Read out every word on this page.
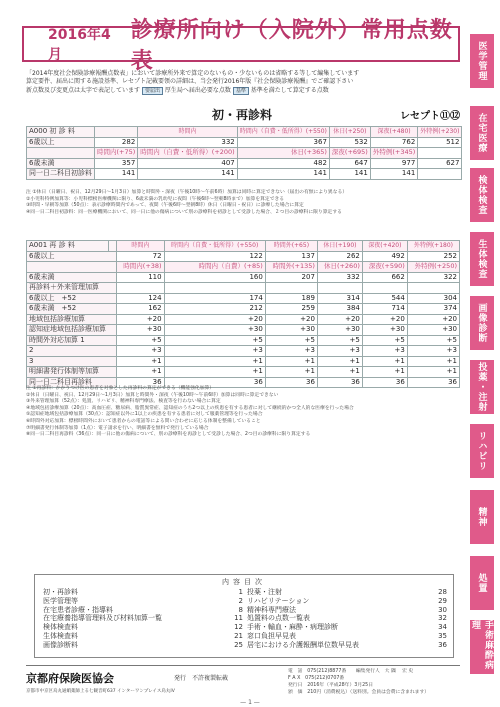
2016年4月
診療所向け（入院外）常用点数表

「2014年度社会保険診療報酬点数表」において診療所外来で算定のないもの・少ないものは省略する等して編集しています

算定要件、届出に関する施設基準、レセプト記載要領の詳細は、当会発行2016年版『社会保険診療報酬』でご確認下さい

新点数及び変更点は太字で表記しています 要届出 厚生局へ届出必要な点数 基準 基準を満たして算定する点数

初・再診料	レセプト⑪⑫
A000 初 診 料		時間内	時間内（自費・低所得）(+550)	休日(+250)	深夜(+480)	外特例(+230)
6歳以上	282	332	367	532	762	512
	時間内(+75)	時間内（自費・低所得）(+200)	休日(+365)	深夜(+695)	外特例(+345)	
6歳未満	357	407	482	647	977	627
同一日二科目初診料	141	141	141	141	141	

注 ①休日（日曜日、祝日、12月29日～1月3日）加算と時間外・深夜（午後10時～午前6時）加算は同時に算定できない（届出の有無により異なる）

②小児科特例加算等：小児科標榜医療機関に限り、6歳未満の乳幼児に夜間（午後6時～翌朝8時まで）加算を算定できる

③時間・早朝等加算（50点）：表示診療時間内であって、夜間（午後6時～翌朝8時）休日（日曜日・祝日）に診療した場合に算定

④同一日二科目初診料：同一医療機関において、同一日に他の傷病について別の診療科を初診として受診した場合、２つ目の診療科に限り算定する

A001 再 診 料		時間内	時間内（自費・低所得）(+550)	時間外(+65)	休日(+190)	深夜(+420)	外特例(+180)
6歳以上		72	122	137	262	492	252
		時間内(+38)	時間内（自費）(+85)	時間外(+135)	休日(+260)	深夜(+590)	外特例(+250)
6歳未満		110	160	207	332	662	322
再診料＋外来管理加算							
6歳以上　+52		124	174	189	314	544	304
6歳未満　+52		162	212	259	384	714	374
地域包括診療加算		+20	+20	+20	+20	+20	+20
認知症地域包括診療加算		+30	+30	+30	+30	+30	+30
時間外対応加算 1		+5	+5	+5	+5	+5	+5
2		+3	+3	+3	+3	+3	+3
3		+1	+1	+1	+1	+1	+1
明細書発行体制等加算		+1	+1	+1	+1	+1	+1
同一日二科目再診料		36	36	36	36	36	36

注 ①再診料：かかりつけ医の患者を対象とした再診料の算定ができる（機能強化加算）

②休日（日曜日、祝日、12月29日～1月3日）加算と時間外・深夜（午後10時～午前6時）加算は同時に算定できない

③外来管理加算（52点）：処置、リハビリ、精神科専門療法、検査等を行わない場合に算定

④地域包括診療加算（20点）：高血圧症、糖尿病、脂質異常症、認知症のうち2つ以上の疾患を有する患者に対して継続的かつ全人的な医療を行った場合

⑤認知症地域包括診療加算（30点）：認知症以外に1以上の疾患を有する患者に対して服薬管理等を行った場合

⑥時間外対応加算：標榜時間外において患者からの電話等による問い合わせに応じる体制を整備していること

⑦明細書発行体制等加算（1点）：電子請求を行い、明細書を無料で発行している場合

⑧同一日二科目再診料（36点）：同一日に他の傷病について、別の診療科を再診として受診した場合、2つ目の診療科に限り算定する

内容目次
初・再診料	1
医学管理等	2
在宅患者診療・指導料	8
在宅療養指導管理料及び材料加算一覧	11
検体検査料	12
生体検査料	21
画像診断料	25
投薬・注射	28
リハビリテーション	29
精神科専門療法	30
処置料の点数一覧表	32
手術・輸血・麻酔・病理診断	34
窓口負担早見表	35
居宅における介護報酬単位数早見表	36
京都府保険医協会	発行　不許複製転載
京都市中京区烏丸通蛸薬師上る七観音町637 インターワンプレイス烏丸IV
電　話　075(212)8877番　　編集発行人　大 隅　 宏 史
F A X　075(212)0707番
発行日　2016年（平成28年）3月25日
頒　価　210円（消費税込）（送料別。会員は会費に含まれます）
— 1 —
医学管理
在宅医療
検体検査
生体検査
画像診断
投薬・注射
リハビリ
精神
処置
手術麻酔病理
